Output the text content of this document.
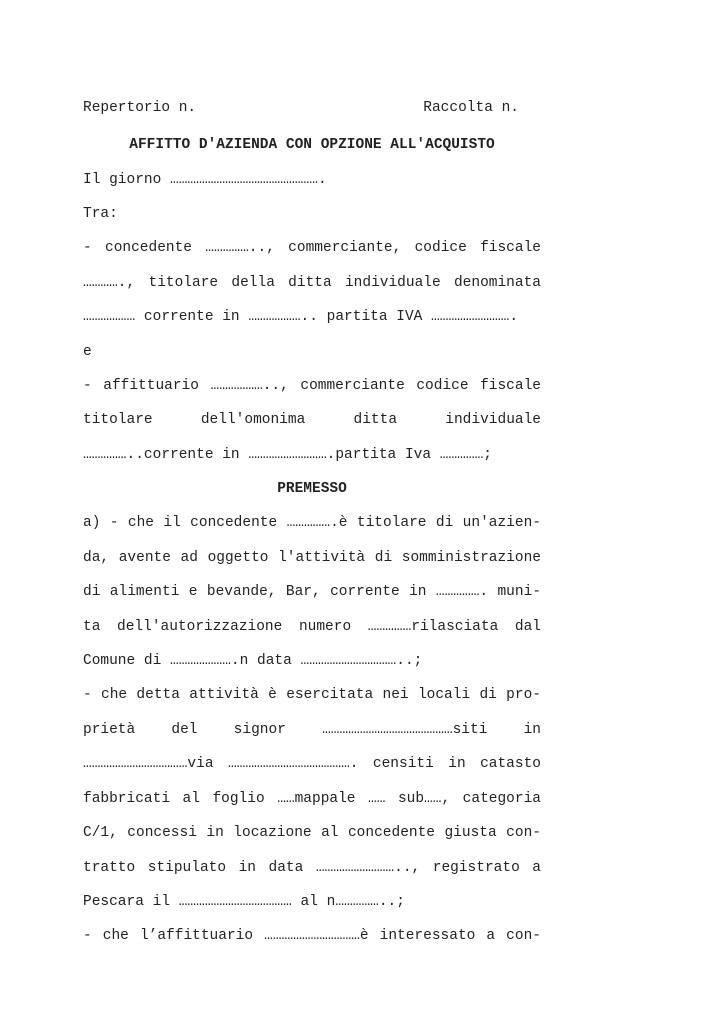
Repertorio n.	Raccolta n.
AFFITTO D'AZIENDA CON OPZIONE ALL'ACQUISTO
Il giorno …………………………………………….
Tra:
- concedente …………….., commerciante, codice fiscale
…………., titolare della ditta individuale denominata
……………… corrente in ……………….. partita IVA ……………………….
e
- affittuario ……………….., commerciante codice fiscale
titolare dell'omonima ditta individuale
……………..corrente in ……………………….partita Iva ……………;
PREMESSO
a) - che il concedente …………….è titolare di un'azien-
da, avente ad oggetto l'attività di somministrazione
di alimenti e bevande, Bar, corrente in ……………. muni-
ta dell'autorizzazione numero ……………rilasciata dal
Comune di ………………….n data ……………………………..;
- che detta attività è esercitata nei locali di pro-
prietà del signor ………………………………………siti in
………………………………via ……………………………………. censiti in catasto
fabbricati al foglio ……mappale …… sub……, categoria
C/1, concessi in locazione al concedente giusta con-
tratto stipulato in data ……………………….., registrato a
Pescara il ………………………………… al n……………..;
- che l’affittuario ……………………………è interessato a con-
